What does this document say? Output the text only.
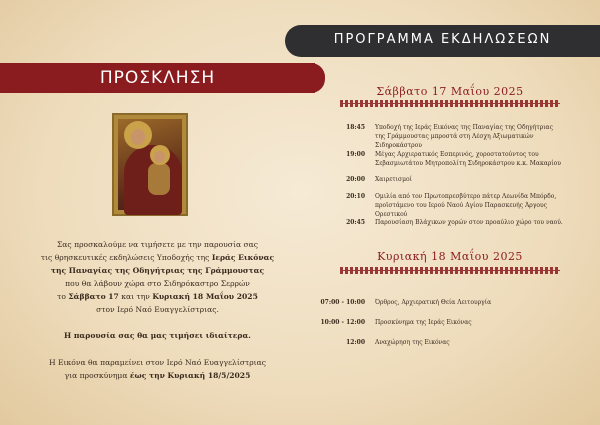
ΠΡΟΓΡΑΜΜΑ ΕΚΔΗΛΩΣΕΩΝ
ΠΡΟΣΚΛΗΣΗ

Σας προσκαλούμε να τιμήσετε με την παρουσία σας

τις θρησκευτικές εκδηλώσεις Υποδοχής της Ιεράς Εικόνας

της Παναγίας της Οδηγήτριας της Γράμμουστας

που θα λάβουν χώρα στο Σιδηρόκαστρο Σερρών

το Σάββατο 17 και την Κυριακή 18 Μαΐου 2025

στον Ιερό Ναό Ευαγγελίστριας.

Η παρουσία σας θα μας τιμήσει ιδιαίτερα.

Η Εικόνα θα παραμείνει στον Ιερό Ναό Ευαγγελίστριας

για προσκύνημα έως την Κυριακή 18/5/2025

Σάββατο 17 Μαΐου 2025
18:45 Υποδοχή της Ιεράς Εικόνας της Παναγίας της Οδηγήτριας
της Γράμμουστας μπροστά στη Λέσχη Αξιωματικών Σιδηροκάστρου
19:00 Μέγας Αρχιερατικός Εσπερινός, χοροστατούντος του
Σεβασμιωτάτου Μητροπολίτη Σιδηροκάστρου κ.κ. Μακαρίου
20:00 Χαιρετισμοί
20:10 Ομιλία από τον Πρωτοπρεσβύτερο πάτερ Λεωνίδα Μπόρδο,
προϊστάμενο του Ιερού Ναού Αγίου Παρασκευής Άργους Ορεστικού
20:45 Παρουσίαση Βλάχικων χορών στον προαύλιο χώρο του ναού.
Κυριακή 18 Μαΐου 2025
07:00 - 10:00 Όρθρος, Αρχιερατική Θεία Λειτουργία
10:00 - 12:00 Προσκύνημα της Ιεράς Εικόνας
12:00 Αναχώρηση της Εικόνας
